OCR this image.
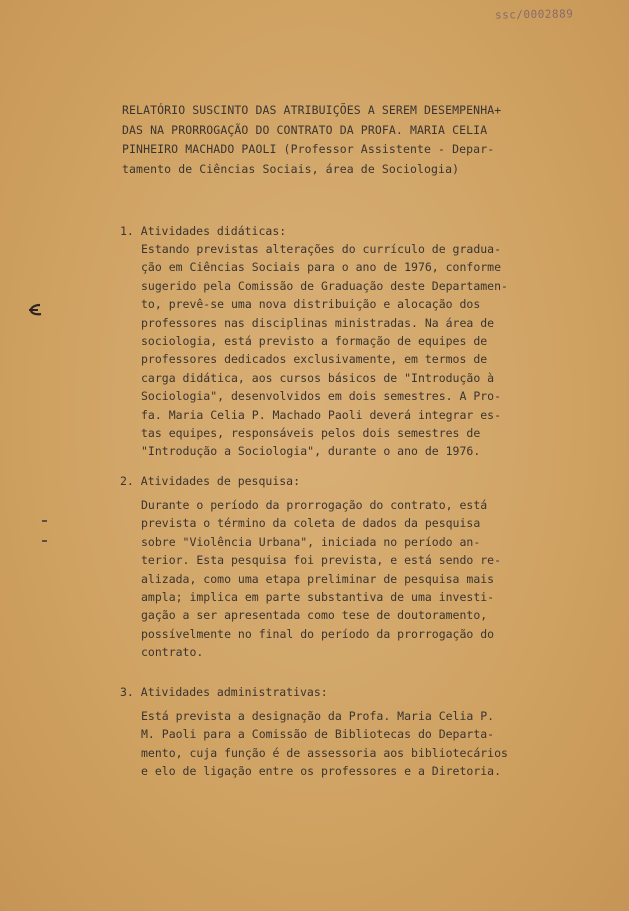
ssc/0002889
RELATÓRIO SUSCINTO DAS ATRIBUIÇÕES A SEREM DESEMPENHA+
DAS NA PRORROGAÇÃO DO CONTRATO DA PROFA. MARIA CELIA
PINHEIRO MACHADO PAOLI (Professor Assistente - Depar-
tamento de Ciências Sociais, área de Sociologia)
1. Atividades didáticas:
Estando previstas alterações do currículo de gradua-
ção em Ciências Sociais para o ano de 1976, conforme
sugerido pela Comissão de Graduação deste Departamen-
to, prevê-se uma nova distribuição e alocação dos
professores nas disciplinas ministradas. Na área de
sociologia, está previsto a formação de equipes de
professores dedicados exclusivamente, em termos de
carga didática, aos cursos básicos de "Introdução à
Sociologia", desenvolvidos em dois semestres. A Pro-
fa. Maria Celia P. Machado Paoli deverá integrar es-
tas equipes, responsáveis pelos dois semestres de
"Introdução a Sociologia", durante o ano de 1976.
2. Atividades de pesquisa:
Durante o período da prorrogação do contrato, está
prevista o término da coleta de dados da pesquisa
sobre "Violência Urbana", iniciada no período an-
terior. Esta pesquisa foi prevista, e está sendo re-
alizada, como uma etapa preliminar de pesquisa mais
ampla; implica em parte substantiva de uma investi-
gação a ser apresentada como tese de doutoramento,
possívelmente no final do período da prorrogação do
contrato.
3. Atividades administrativas:
Está prevista a designação da Profa. Maria Celia P.
M. Paoli para a Comissão de Bibliotecas do Departa-
mento, cuja função é de assessoria aos bibliotecários
e elo de ligação entre os professores e a Diretoria.
